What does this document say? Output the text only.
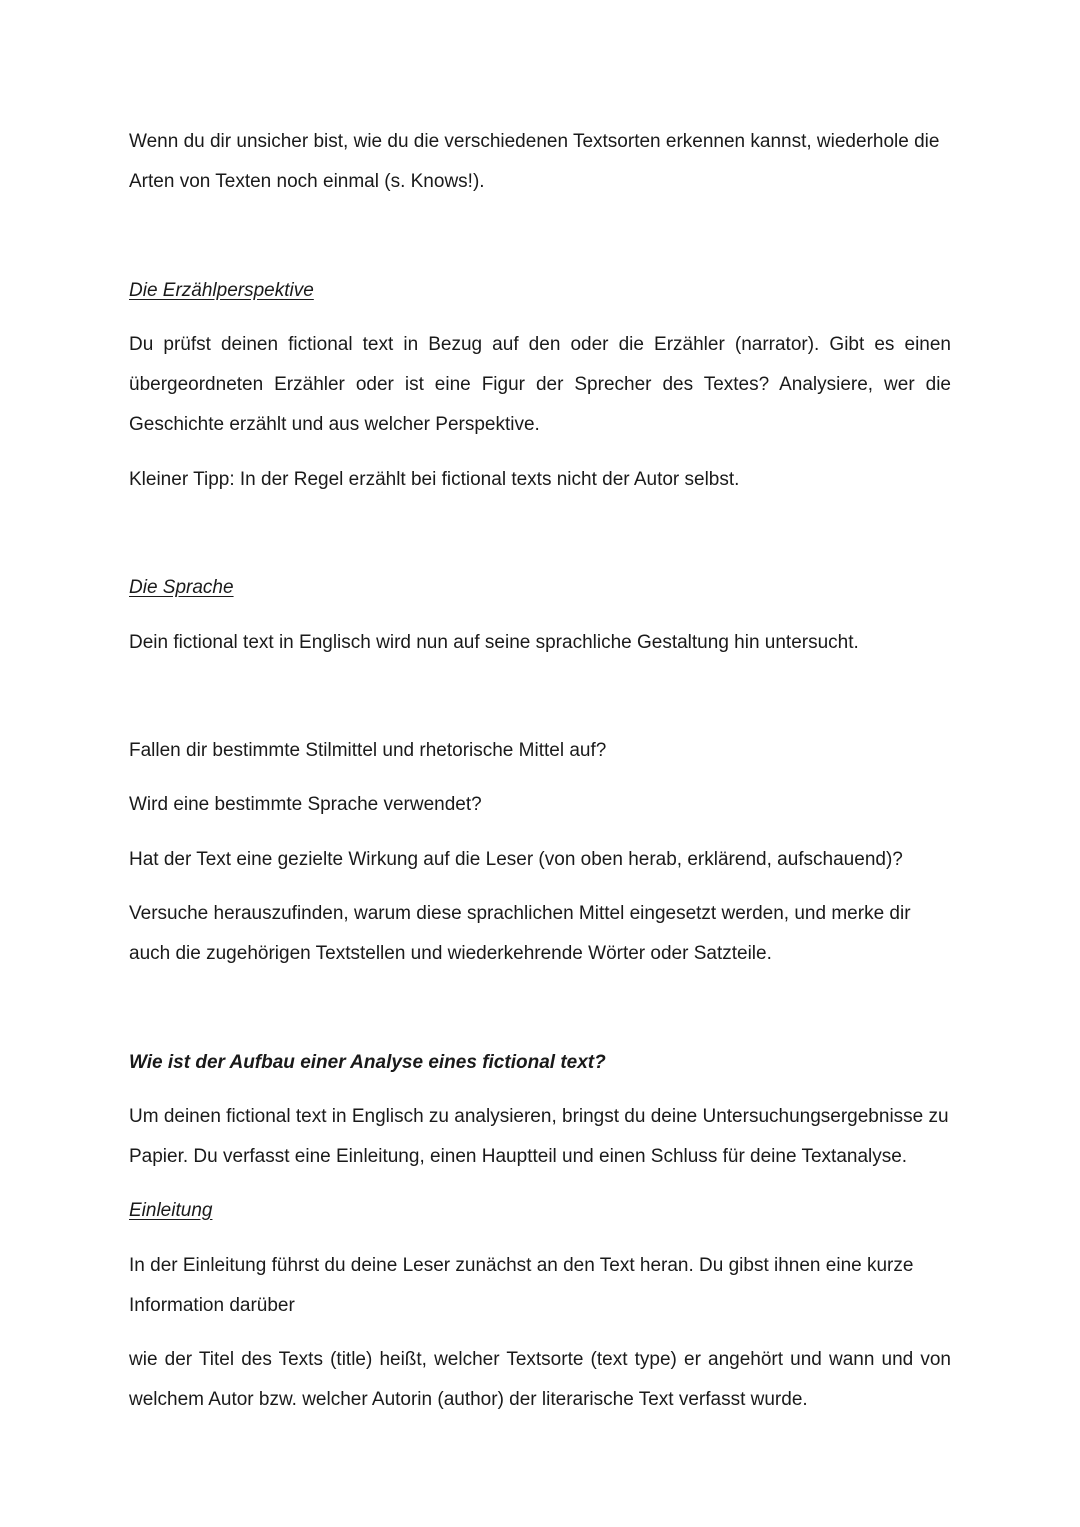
Wenn du dir unsicher bist, wie du die verschiedenen Textsorten erkennen kannst, wiederhole die Arten von Texten noch einmal (s. Knows!).

Die Erzählperspektive

Du prüfst deinen fictional text in Bezug auf den oder die Erzähler (narrator). Gibt es einen übergeordneten Erzähler oder ist eine Figur der Sprecher des Textes? Analysiere, wer die Geschichte erzählt und aus welcher Perspektive.

Kleiner Tipp: In der Regel erzählt bei fictional texts nicht der Autor selbst.

Die Sprache

Dein fictional text in Englisch wird nun auf seine sprachliche Gestaltung hin untersucht.

Fallen dir bestimmte Stilmittel und rhetorische Mittel auf?

Wird eine bestimmte Sprache verwendet?

Hat der Text eine gezielte Wirkung auf die Leser (von oben herab, erklärend, aufschauend)?

Versuche herauszufinden, warum diese sprachlichen Mittel eingesetzt werden, und merke dir auch die zugehörigen Textstellen und wiederkehrende Wörter oder Satzteile.

Wie ist der Aufbau einer Analyse eines fictional text?

Um deinen fictional text in Englisch zu analysieren, bringst du deine Untersuchungsergebnisse zu Papier. Du verfasst eine Einleitung, einen Hauptteil und einen Schluss für deine Textanalyse.

Einleitung

In der Einleitung führst du deine Leser zunächst an den Text heran. Du gibst ihnen eine kurze Information darüber

wie der Titel des Texts (title) heißt, welcher Textsorte (text type) er angehört und wann und von welchem Autor bzw. welcher Autorin (author) der literarische Text verfasst wurde.
